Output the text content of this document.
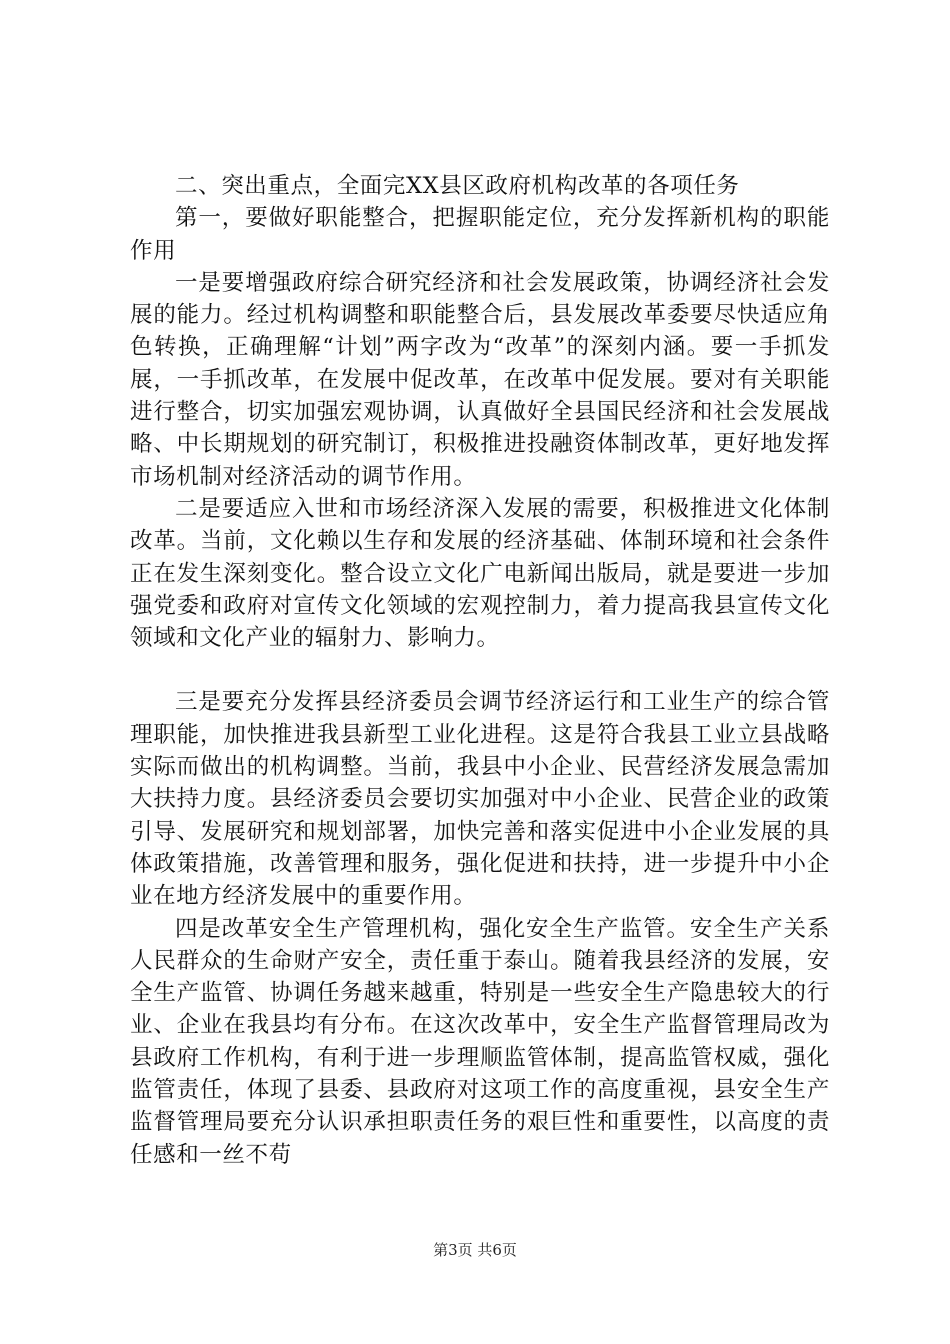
二、突出重点，全面完XX县区政府机构改革的各项任务

第一，要做好职能整合，把握职能定位，充分发挥新机构的职能作用

一是要增强政府综合研究经济和社会发展政策，协调经济社会发展的能力。经过机构调整和职能整合后，县发展改革委要尽快适应角色转换，正确理解“计划”两字改为“改革”的深刻内涵。要一手抓发展，一手抓改革，在发展中促改革，在改革中促发展。要对有关职能进行整合，切实加强宏观协调，认真做好全县国民经济和社会发展战略、中长期规划的研究制订，积极推进投融资体制改革，更好地发挥市场机制对经济活动的调节作用。

二是要适应入世和市场经济深入发展的需要，积极推进文化体制改革。当前，文化赖以生存和发展的经济基础、体制环境和社会条件正在发生深刻变化。整合设立文化广电新闻出版局，就是要进一步加强党委和政府对宣传文化领域的宏观控制力，着力提高我县宣传文化领域和文化产业的辐射力、影响力。

三是要充分发挥县经济委员会调节经济运行和工业生产的综合管理职能，加快推进我县新型工业化进程。这是符合我县工业立县战略实际而做出的机构调整。当前，我县中小企业、民营经济发展急需加大扶持力度。县经济委员会要切实加强对中小企业、民营企业的政策引导、发展研究和规划部署，加快完善和落实促进中小企业发展的具体政策措施，改善管理和服务，强化促进和扶持，进一步提升中小企业在地方经济发展中的重要作用。

四是改革安全生产管理机构，强化安全生产监管。安全生产关系人民群众的生命财产安全，责任重于泰山。随着我县经济的发展，安全生产监管、协调任务越来越重，特别是一些安全生产隐患较大的行业、企业在我县均有分布。在这次改革中，安全生产监督管理局改为县政府工作机构，有利于进一步理顺监管体制，提高监管权威，强化监管责任，体现了县委、县政府对这项工作的高度重视，县安全生产监督管理局要充分认识承担职责任务的艰巨性和重要性，以高度的责任感和一丝不苟

第3页 共6页
